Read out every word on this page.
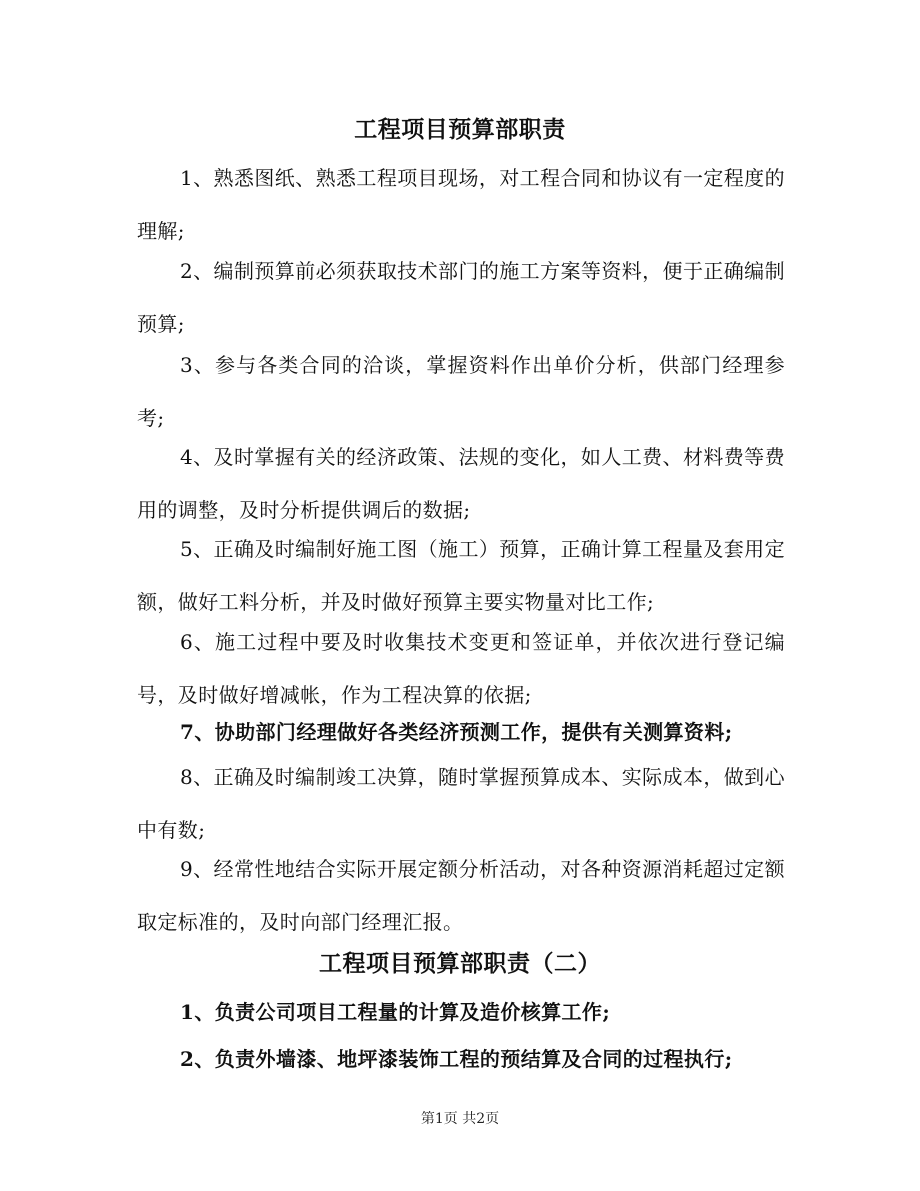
工程项目预算部职责

1、熟悉图纸、熟悉工程项目现场，对工程合同和协议有一定程度的理解;

2、编制预算前必须获取技术部门的施工方案等资料，便于正确编制预算;

3、参与各类合同的洽谈，掌握资料作出单价分析，供部门经理参考;

4、及时掌握有关的经济政策、法规的变化，如人工费、材料费等费用的调整，及时分析提供调后的数据;

5、正确及时编制好施工图（施工）预算，正确计算工程量及套用定额，做好工料分析，并及时做好预算主要实物量对比工作;

6、施工过程中要及时收集技术变更和签证单，并依次进行登记编号，及时做好增减帐，作为工程决算的依据;

7、协助部门经理做好各类经济预测工作，提供有关测算资料;

8、正确及时编制竣工决算，随时掌握预算成本、实际成本，做到心中有数;

9、经常性地结合实际开展定额分析活动，对各种资源消耗超过定额取定标准的，及时向部门经理汇报。

工程项目预算部职责（二）

1、负责公司项目工程量的计算及造价核算工作;

2、负责外墙漆、地坪漆装饰工程的预结算及合同的过程执行;

第1页 共2页
